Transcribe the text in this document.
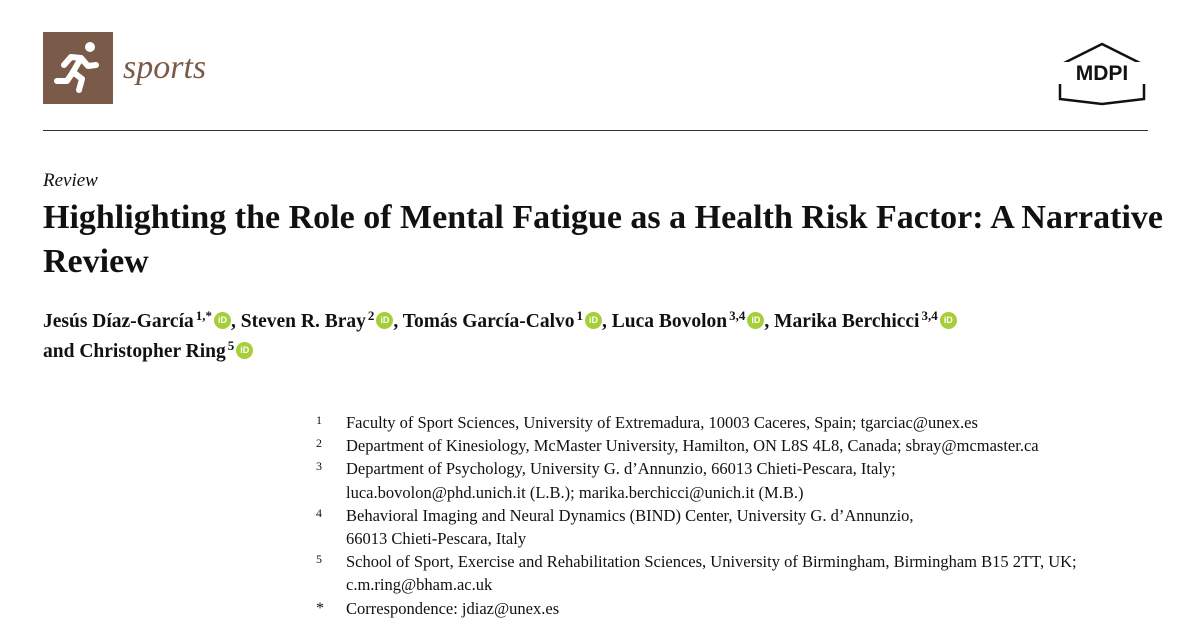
sports	MDPI
Review
Highlighting the Role of Mental Fatigue as a Health Risk Factor: A Narrative Review
Jesús Díaz-García $^{1,*}$ iD , Steven R. Bray $^2$ iD , Tomás García-Calvo $^1$ iD , Luca Bovolon $^{3,4}$ iD , Marika Berchicci $^{3,4}$ iD
and Christopher Ring $^5$ iD
1	Faculty of Sport Sciences, University of Extremadura, 10003 Caceres, Spain; tgarciac@unex.es
2	Department of Kinesiology, McMaster University, Hamilton, ON L8S 4L8, Canada; sbray@mcmaster.ca
3	Department of Psychology, University G. d’Annunzio, 66013 Chieti-Pescara, Italy;
luca.bovolon@phd.unich.it (L.B.); marika.berchicci@unich.it (M.B.)
4	Behavioral Imaging and Neural Dynamics (BIND) Center, University G. d’Annunzio,
66013 Chieti-Pescara, Italy
5	School of Sport, Exercise and Rehabilitation Sciences, University of Birmingham, Birmingham B15 2TT, UK;
c.m.ring@bham.ac.uk
*	Correspondence: jdiaz@unex.es
